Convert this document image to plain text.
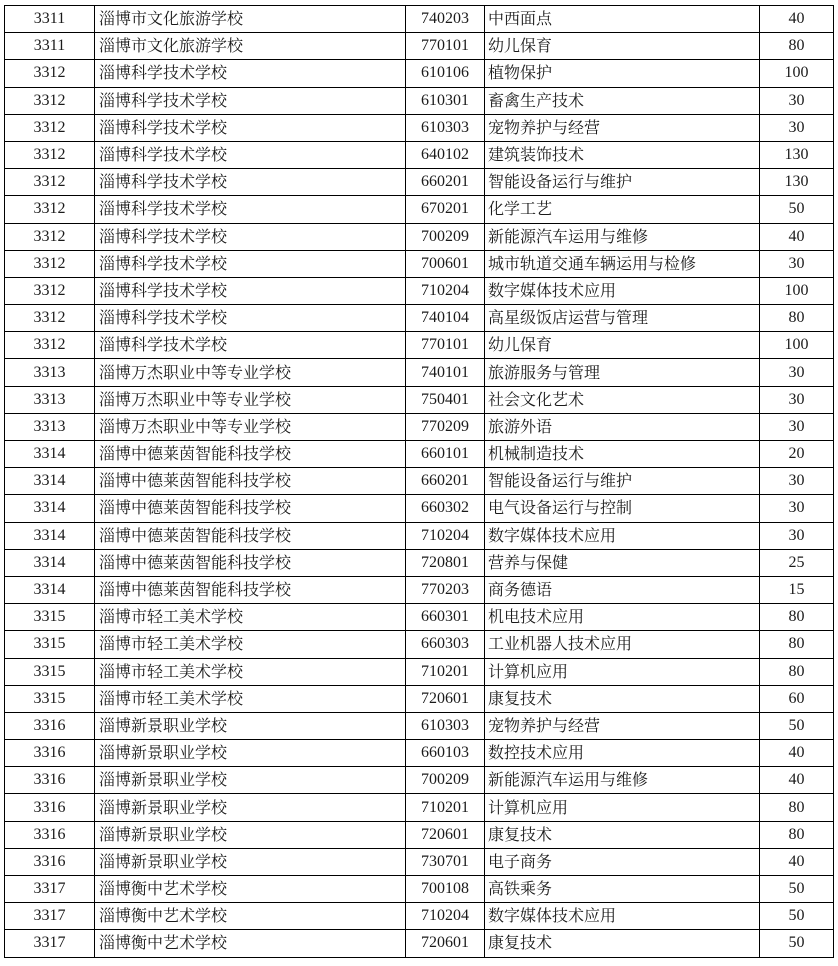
3311	淄博市文化旅游学校	740203	中西面点	40
3311	淄博市文化旅游学校	770101	幼儿保育	80
3312	淄博科学技术学校	610106	植物保护	100
3312	淄博科学技术学校	610301	畜禽生产技术	30
3312	淄博科学技术学校	610303	宠物养护与经营	30
3312	淄博科学技术学校	640102	建筑装饰技术	130
3312	淄博科学技术学校	660201	智能设备运行与维护	130
3312	淄博科学技术学校	670201	化学工艺	50
3312	淄博科学技术学校	700209	新能源汽车运用与维修	40
3312	淄博科学技术学校	700601	城市轨道交通车辆运用与检修	30
3312	淄博科学技术学校	710204	数字媒体技术应用	100
3312	淄博科学技术学校	740104	高星级饭店运营与管理	80
3312	淄博科学技术学校	770101	幼儿保育	100
3313	淄博万杰职业中等专业学校	740101	旅游服务与管理	30
3313	淄博万杰职业中等专业学校	750401	社会文化艺术	30
3313	淄博万杰职业中等专业学校	770209	旅游外语	30
3314	淄博中德莱茵智能科技学校	660101	机械制造技术	20
3314	淄博中德莱茵智能科技学校	660201	智能设备运行与维护	30
3314	淄博中德莱茵智能科技学校	660302	电气设备运行与控制	30
3314	淄博中德莱茵智能科技学校	710204	数字媒体技术应用	30
3314	淄博中德莱茵智能科技学校	720801	营养与保健	25
3314	淄博中德莱茵智能科技学校	770203	商务德语	15
3315	淄博市轻工美术学校	660301	机电技术应用	80
3315	淄博市轻工美术学校	660303	工业机器人技术应用	80
3315	淄博市轻工美术学校	710201	计算机应用	80
3315	淄博市轻工美术学校	720601	康复技术	60
3316	淄博新景职业学校	610303	宠物养护与经营	50
3316	淄博新景职业学校	660103	数控技术应用	40
3316	淄博新景职业学校	700209	新能源汽车运用与维修	40
3316	淄博新景职业学校	710201	计算机应用	80
3316	淄博新景职业学校	720601	康复技术	80
3316	淄博新景职业学校	730701	电子商务	40
3317	淄博衡中艺术学校	700108	高铁乘务	50
3317	淄博衡中艺术学校	710204	数字媒体技术应用	50
3317	淄博衡中艺术学校	720601	康复技术	50
